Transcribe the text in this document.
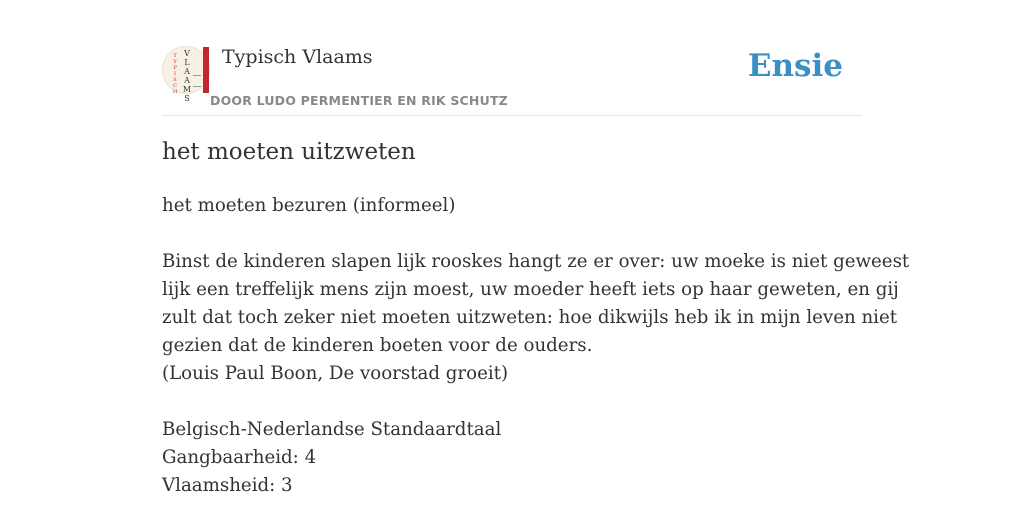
T
Y
P
I
S
C
H
V
L
A
A
M
S
Typisch Vlaams
DOOR LUDO PERMENTIER EN RIK SCHUTZ
Ensie
het moeten uitzweten
het moeten bezuren (informeel)
Binst de kinderen slapen lijk rooskes hangt ze er over: uw moeke is niet geweest
lijk een treffelijk mens zijn moest, uw moeder heeft iets op haar geweten, en gij
zult dat toch zeker niet moeten uitzweten: hoe dikwijls heb ik in mijn leven niet
gezien dat de kinderen boeten voor de ouders.
(Louis Paul Boon, De voorstad groeit)
Belgisch-Nederlandse Standaardtaal
Gangbaarheid: 4
Vlaamsheid: 3
